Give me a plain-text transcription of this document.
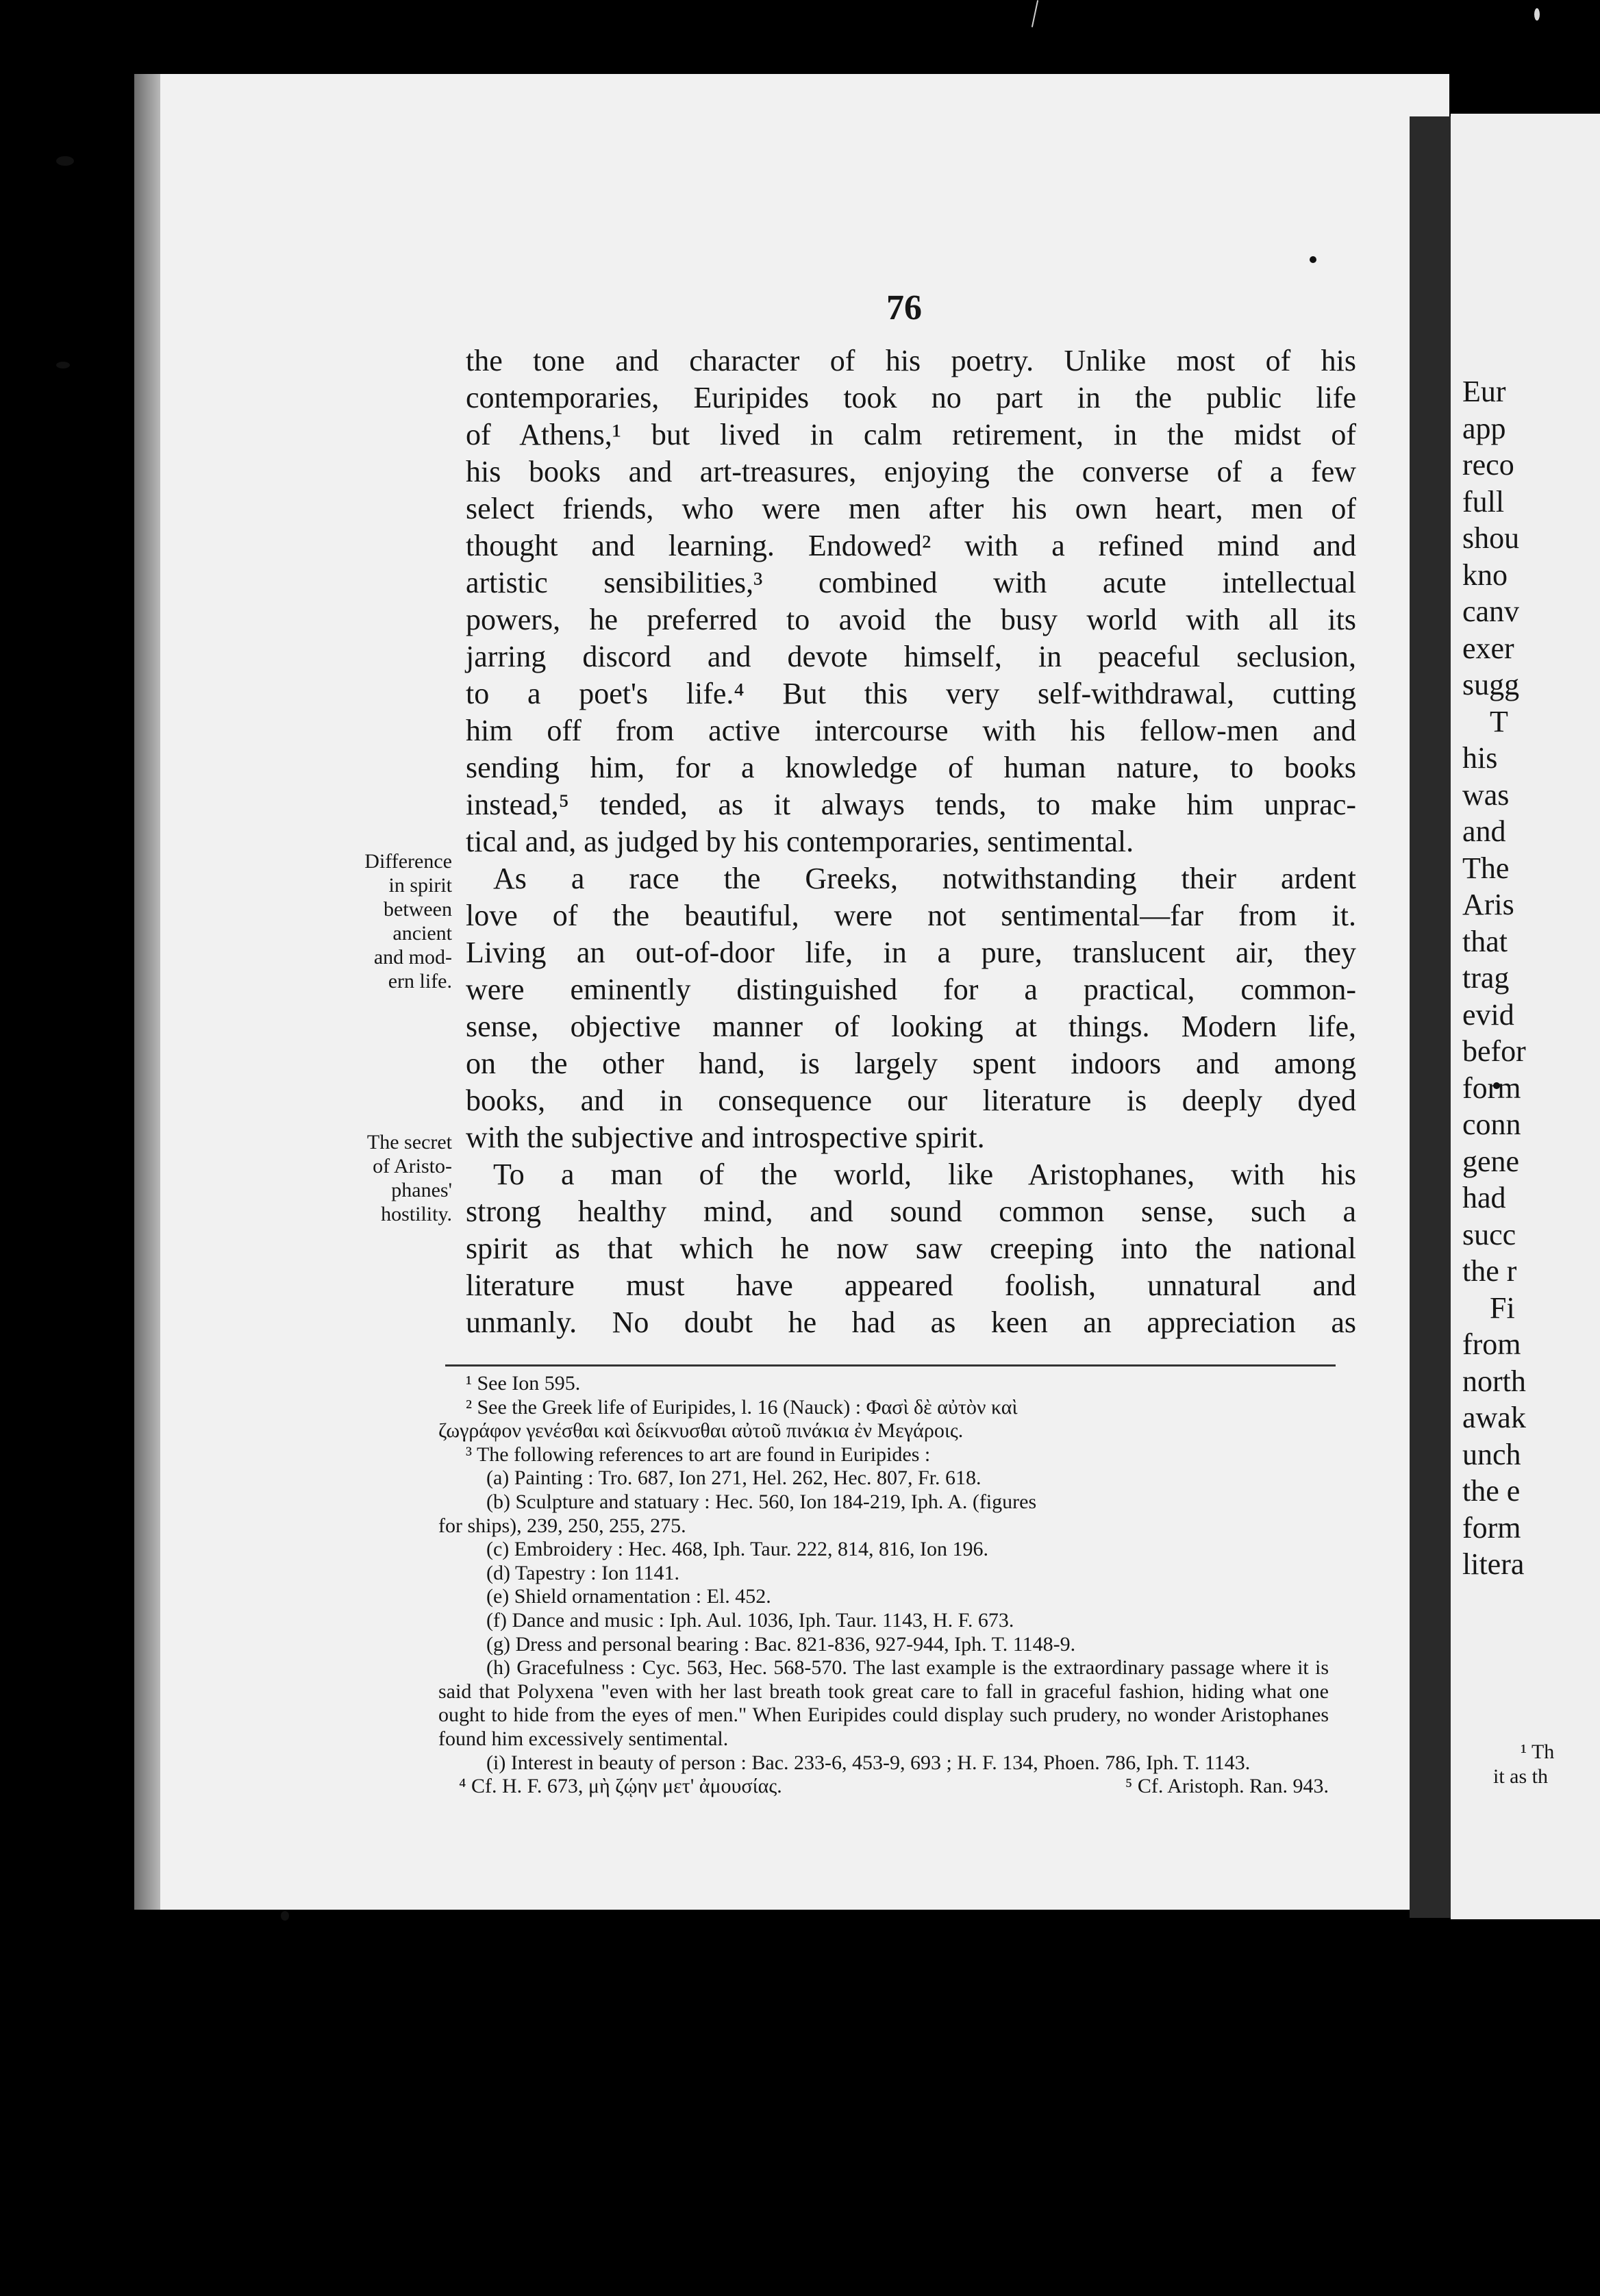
76
the tone and character of his poetry. Unlike most of his
contemporaries, Euripides took no part in the public life
of Athens,¹ but lived in calm retirement, in the midst of
his books and art-treasures, enjoying the converse of a few
select friends, who were men after his own heart, men of
thought and learning. Endowed² with a refined mind and
artistic sensibilities,³ combined with acute intellectual
powers, he preferred to avoid the busy world with all its
jarring discord and devote himself, in peaceful seclusion,
to a poet's life.⁴ But this very self-withdrawal, cutting
him off from active intercourse with his fellow-men and
sending him, for a knowledge of human nature, to books
instead,⁵ tended, as it always tends, to make him unprac-
tical and, as judged by his contemporaries, sentimental.
As a race the Greeks, notwithstanding their ardent
love of the beautiful, were not sentimental—far from it.
Living an out-of-door life, in a pure, translucent air, they
were eminently distinguished for a practical, common-
sense, objective manner of looking at things. Modern life,
on the other hand, is largely spent indoors and among
books, and in consequence our literature is deeply dyed
with the subjective and introspective spirit.
To a man of the world, like Aristophanes, with his
strong healthy mind, and sound common sense, such a
spirit as that which he now saw creeping into the national
literature must have appeared foolish, unnatural and
unmanly. No doubt he had as keen an appreciation as
Difference
in spirit
between
ancient
and mod-
ern life.
The secret
of Aristo-
phanes'
hostility.
¹ See Ion 595.
² See the Greek life of Euripides, l. 16 (Nauck) : Φασὶ δὲ αὐτὸν καὶ
ζωγράφον γενέσθαι καὶ δείκνυσθαι αὐτοῦ πινάκια ἐν Μεγάροις.
³ The following references to art are found in Euripides :
(a) Painting : Tro. 687, Ion 271, Hel. 262, Hec. 807, Fr. 618.
(b) Sculpture and statuary : Hec. 560, Ion 184-219, Iph. A. (figures
for ships), 239, 250, 255, 275.
(c) Embroidery : Hec. 468, Iph. Taur. 222, 814, 816, Ion 196.
(d) Tapestry : Ion 1141.
(e) Shield ornamentation : El. 452.
(f) Dance and music : Iph. Aul. 1036, Iph. Taur. 1143, H. F. 673.
(g) Dress and personal bearing : Bac. 821-836, 927-944, Iph. T. 1148-9.
(h) Gracefulness : Cyc. 563, Hec. 568-570. The last example is the extraordinary passage where it is said that Polyxena "even with her last breath took great care to fall in graceful fashion, hiding what one ought to hide from the eyes of men." When Euripides could display such prudery, no wonder Aristophanes found him excessively sentimental.
(i) Interest in beauty of person : Bac. 233-6, 453-9, 693 ; H. F. 134, Phoen. 786, Iph. T. 1143.
⁴ Cf. H. F. 673, μὴ ζῴην μετ' ἀμουσίας.	⁵ Cf. Aristoph. Ran. 943.
Eur
app
reco
full
shou
kno
canv
exer
sugg
T
his
was
and
The
Aris
that
trag
evid
befor
form
conn
gene
had
succ
the r
Fi
from
north
awak
unch
the e
form
litera
¹ Th
it as th
